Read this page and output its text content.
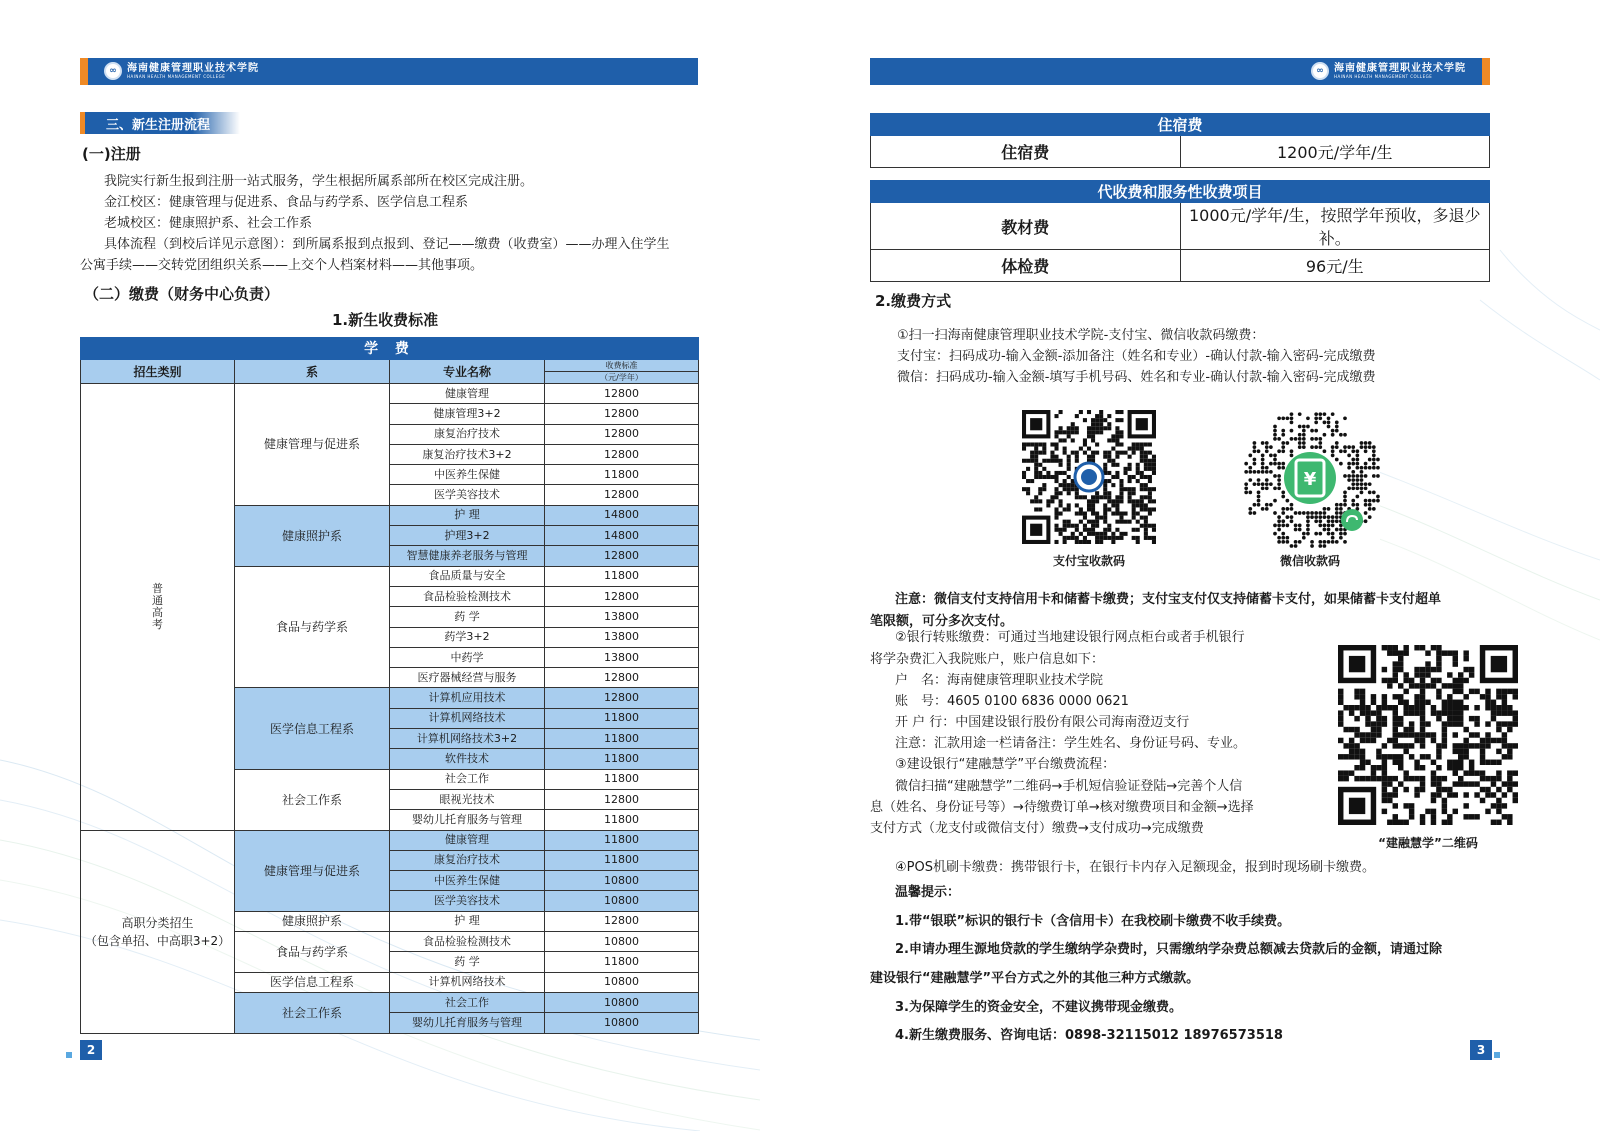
∞	海南健康管理职业技术学院
HAINAN HEALTH MANAGEMENT COLLEGE
三、新生注册流程
(一)注册
我院实行新生报到注册一站式服务，学生根据所属系部所在校区完成注册。
金江校区：健康管理与促进系、食品与药学系、医学信息工程系
老城校区：健康照护系、社会工作系
具体流程（到校后详见示意图）：到所属系报到点报到、登记——缴费（收费室）——办理入住学生
公寓手续——交转党团组织关系——上交个人档案材料——其他事项。
（二）缴费（财务中心负责）
1.新生收费标准
学 费			
招生类别	系	专业名称	收费标准
			（元/学年）

普
通
高
考	健康管理与促进系	健康管理	12800
		健康管理3+2	12800
		康复治疗技术	12800
		康复治疗技术3+2	12800
		中医养生保健	11800
		医学美容技术	12800
	健康照护系	护 理	14800
		护理3+2	14800
		智慧健康养老服务与管理	12800
	食品与药学系	食品质量与安全	11800
		食品检验检测技术	12800
		药 学	13800
		药学3+2	13800
		中药学	13800
		医疗器械经营与服务	12800
	医学信息工程系	计算机应用技术	12800
		计算机网络技术	11800
		计算机网络技术3+2	11800
		软件技术	11800
	社会工作系	社会工作	11800
		眼视光技术	12800
		婴幼儿托育服务与管理	11800

高职分类招生
（包含单招、中高职3+2）	健康管理与促进系	健康管理	11800
		康复治疗技术	11800
		中医养生保健	10800
		医学美容技术	10800
	健康照护系	护 理	12800
	食品与药学系	食品检验检测技术	10800
		药 学	11800
	医学信息工程系	计算机网络技术	10800
	社会工作系	社会工作	10800
		婴幼儿托育服务与管理	10800
2
∞	海南健康管理职业技术学院
HAINAN HEALTH MANAGEMENT COLLEGE
住宿费
住宿费	1200元/学年/生
代收费和服务性收费项目	
教材费	1000元/学年/生，按照学年预收，多退少补。
体检费	96元/生
2.缴费方式
①扫一扫海南健康管理职业技术学院-支付宝、微信收款码缴费：
支付宝：扫码成功-输入金额-添加备注（姓名和专业）-确认付款-输入密码-完成缴费
微信：扫码成功-输入金额-填写手机号码、姓名和专业-确认付款-输入密码-完成缴费
支付宝收款码
¥
微信收款码
注意：微信支付支持信用卡和储蓄卡缴费；支付宝支付仅支持储蓄卡支付，如果储蓄卡支付超单
笔限额，可分多次支付。
②银行转账缴费：可通过当地建设银行网点柜台或者手机银行
将学杂费汇入我院账户，账户信息如下：
户　名：海南健康管理职业技术学院
账　号：4605 0100 6836 0000 0621
开 户 行：中国建设银行股份有限公司海南澄迈支行
注意：汇款用途一栏请备注：学生姓名、身份证号码、专业。
③建设银行“建融慧学”平台缴费流程：
微信扫描“建融慧学”二维码→手机短信验证登陆→完善个人信
息（姓名、身份证号等）→待缴费订单→核对缴费项目和金额→选择
支付方式（龙支付或微信支付）缴费→支付成功→完成缴费
“建融慧学”二维码
④POS机刷卡缴费：携带银行卡，在银行卡内存入足额现金，报到时现场刷卡缴费。
温馨提示：
1.带“银联”标识的银行卡（含信用卡）在我校刷卡缴费不收手续费。
2.申请办理生源地贷款的学生缴纳学杂费时，只需缴纳学杂费总额减去贷款后的金额，请通过除
建设银行“建融慧学”平台方式之外的其他三种方式缴款。
3.为保障学生的资金安全，不建议携带现金缴费。
4.新生缴费服务、咨询电话：0898-32115012 18976573518
3
